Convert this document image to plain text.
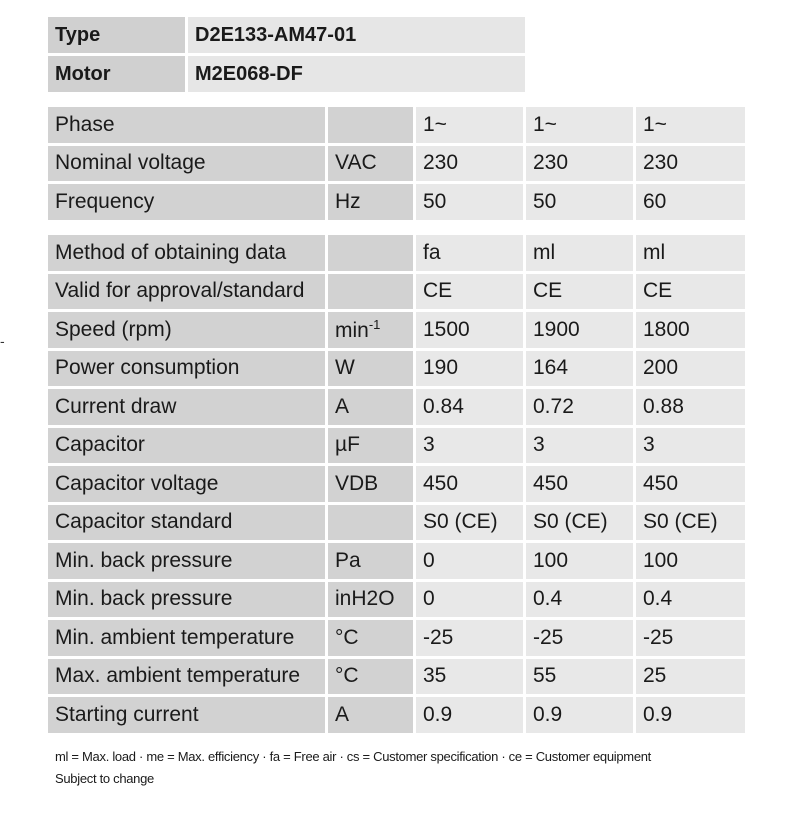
-
Type	D2E133-AM47-01
Motor	M2E068-DF
Phase		1~	1~	1~
Nominal voltage	VAC	230	230	230
Frequency	Hz	50	50	60
Method of obtaining data		fa	ml	ml
Valid for approval/standard		CE	CE	CE
Speed (rpm)	$\min^{-1}$	1500	1900	1800
Power consumption	W	190	164	200
Current draw	A	0.84	0.72	0.88
Capacitor	µF	3	3	3
Capacitor voltage	VDB	450	450	450
Capacitor standard		S0 (CE)	S0 (CE)	S0 (CE)
Min. back pressure	Pa	0	100	100
Min. back pressure	inH2O	0	0.4	0.4
Min. ambient temperature	°C	-25	-25	-25
Max. ambient temperature	°C	35	55	25
Starting current	A	0.9	0.9	0.9
ml = Max. load · me = Max. efficiency · fa = Free air · cs = Customer specification · ce = Customer equipment
Subject to change
